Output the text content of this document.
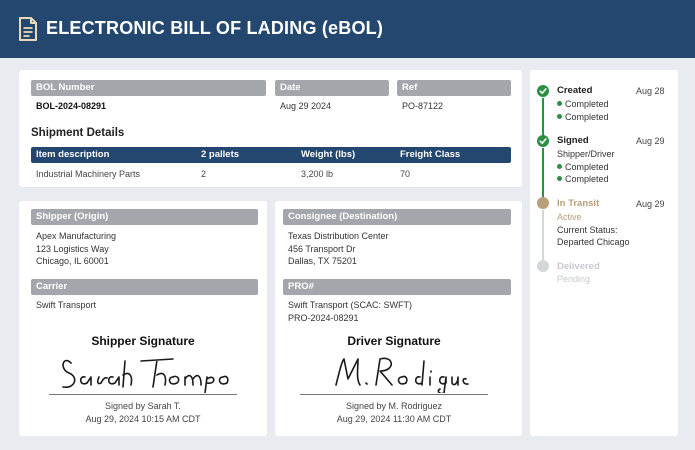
ELECTRONIC BILL OF LADING (eBOL)
BOL Number
BOL-2024-08291
Date
Aug 29 2024
Ref
PO-87122
Shipment Details
Item description	2 pallets	Weight (lbs)	Freight Class
Industrial Machinery Parts	2	3,200 lb	70
Shipper (Origin)
Apex Manufacturing
123 Logistics Way
Chicago, IL 60001
Carrier
Swift Transport
Shipper Signature
Signed by Sarah T.
Aug 29, 2024 10:15 AM CDT
Consignee (Destination)
Texas Distribution Center
456 Transport Dr
Dallas, TX 75201
PRO#
Swift Transport (SCAC: SWFT)
PRO-2024-08291
Driver Signature
Signed by M. Rodriguez
Aug 29, 2024 11:30 AM CDT
Created	Aug 28
Completed
Completed
Signed	Aug 29
Shipper/Driver
Completed
Completed
In Transit	Aug 29
Active
Current Status:
Departed Chicago
Delivered
Pending
